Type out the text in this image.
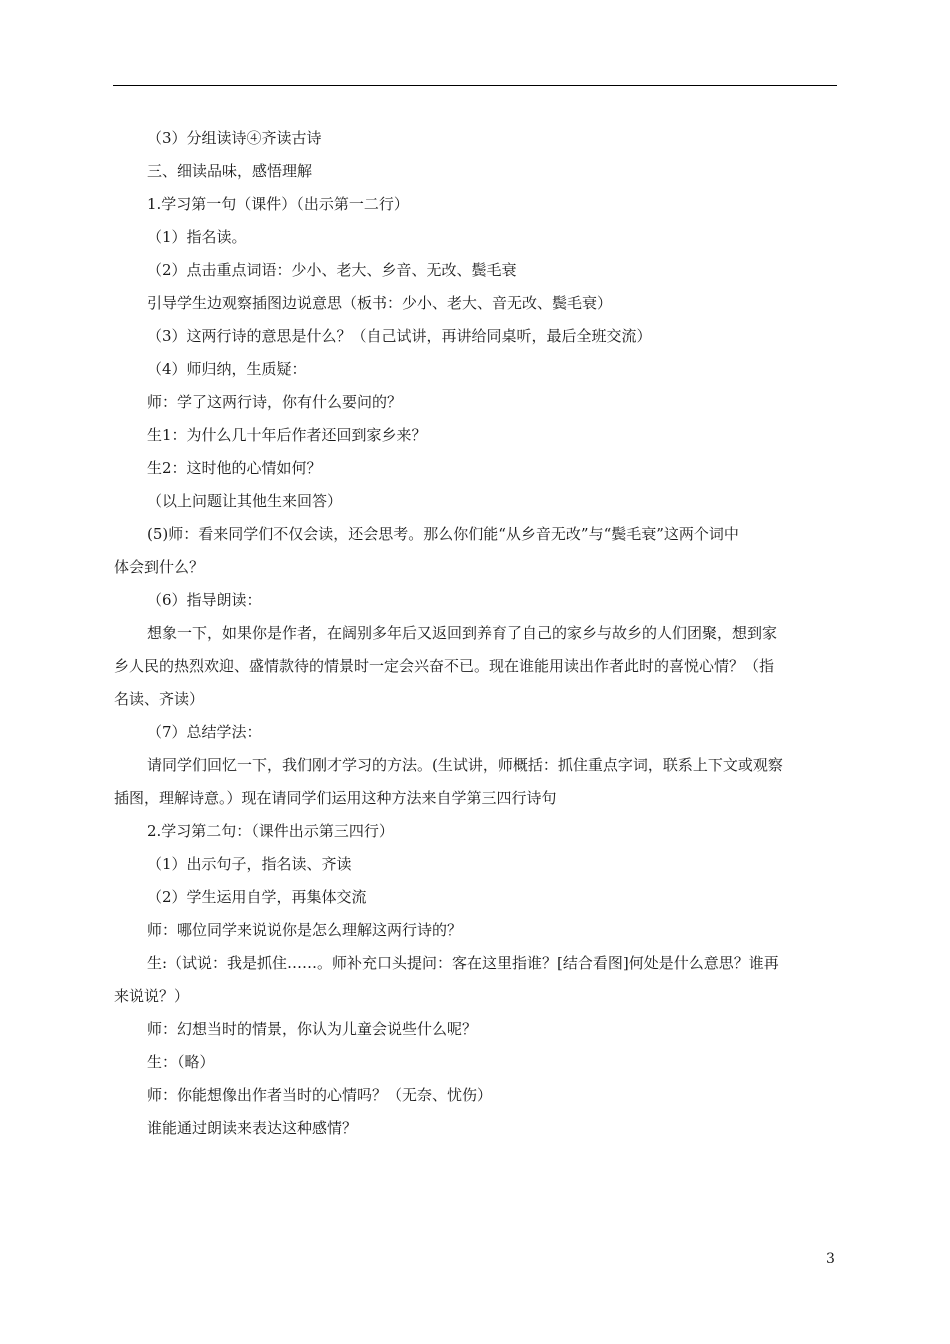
（3）分组读诗④齐读古诗
三、细读品味，感悟理解
1.学习第一句（课件）（出示第一二行）
（1）指名读。
（2）点击重点词语：少小、老大、乡音、无改、鬓毛衰
引导学生边观察插图边说意思（板书：少小、老大、音无改、鬓毛衰）
（3）这两行诗的意思是什么？（自己试讲，再讲给同桌听，最后全班交流）
（4）师归纳，生质疑：
师：学了这两行诗，你有什么要问的？
生1：为什么几十年后作者还回到家乡来？
生2：这时他的心情如何？
（以上问题让其他生来回答）
(5)师：看来同学们不仅会读，还会思考。那么你们能“从乡音无改”与“鬓毛衰”这两个词中
体会到什么？
（6）指导朗读：
想象一下，如果你是作者，在阔别多年后又返回到养育了自己的家乡与故乡的人们团聚，想到家
乡人民的热烈欢迎、盛情款待的情景时一定会兴奋不已。现在谁能用读出作者此时的喜悦心情？（指
名读、齐读）
（7）总结学法：
请同学们回忆一下，我们刚才学习的方法。(生试讲，师概括：抓住重点字词，联系上下文或观察
插图，理解诗意。）现在请同学们运用这种方法来自学第三四行诗句
2.学习第二句：（课件出示第三四行）
（1）出示句子，指名读、齐读
（2）学生运用自学，再集体交流
师：哪位同学来说说你是怎么理解这两行诗的？
生:（试说：我是抓住……。师补充口头提问：客在这里指谁？[结合看图]何处是什么意思？谁再
来说说？）
师：幻想当时的情景，你认为儿童会说些什么呢？
生：（略）
师：你能想像出作者当时的心情吗？（无奈、忧伤）
谁能通过朗读来表达这种感情？
3
